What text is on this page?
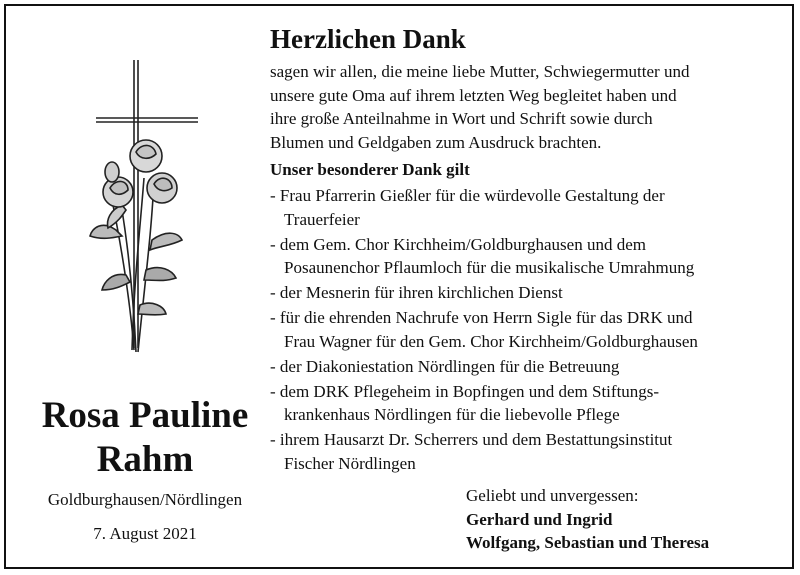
Rosa Pauline
Rahm
Goldburghausen/Nördlingen
7. August 2021
Herzlichen Dank
sagen wir allen, die meine liebe Mutter, Schwiegermutter und
unsere gute Oma auf ihrem letzten Weg begleitet haben und
ihre große Anteilnahme in Wort und Schrift sowie durch
Blumen und Geldgaben zum Ausdruck brachten.
Unser besonderer Dank gilt
- Frau Pfarrerin Gießler für die würdevolle Gestaltung der
Trauerfeier
- dem Gem. Chor Kirchheim/Goldburghausen und dem
Posaunenchor Pflaumloch für die musikalische Umrahmung
- der Mesnerin für ihren kirchlichen Dienst
- für die ehrenden Nachrufe von Herrn Sigle für das DRK und
Frau Wagner für den Gem. Chor Kirchheim/Goldburghausen
- der Diakoniestation Nördlingen für die Betreuung
- dem DRK Pflegeheim in Bopfingen und dem Stiftungs-
krankenhaus Nördlingen für die liebevolle Pflege
- ihrem Hausarzt Dr. Scherrers und dem Bestattungsinstitut
Fischer Nördlingen
Geliebt und unvergessen:
Gerhard und Ingrid
Wolfgang, Sebastian und Theresa
